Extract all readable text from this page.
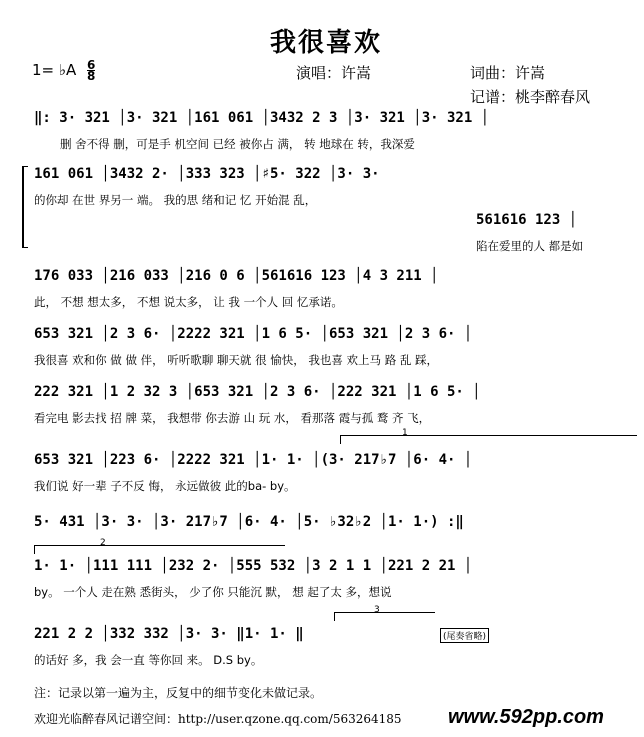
我很喜欢
1= ♭A $\frac{6}{8}$	演唱：许嵩	词曲：许嵩
记谱：桃李醉春风
‖: 3· 321 │3· 321 │161 061 │3432 2 3 │3· 321 │3· 321 │
删 舍不得 删，可是手 机空间 已经 被你占 满， 转 地球在 转，我深爱
161 061 │3432 2· │333 323 │♯5· 322 │3· 3·
的你却 在世 界另一 端。 我的思 绪和记 忆 开始混 乱，
561616 123 │
陷在爱里的人 都是如
176 033 │216 033 │216 0 6 │561616 123 │4 3 211 │
此， 不想 想太多， 不想 说太多， 让 我 一个人 回 忆承诺。
653 321 │2 3 6· │2222 321 │1 6 5· │653 321 │2 3 6· │
我很喜 欢和你 做 做 伴， 听听歌聊 聊天就 很 愉快， 我也喜 欢上马 路 乱 踩，
222 321 │1 2 32 3 │653 321 │2 3 6· │222 321 │1 6 5· │
看完电 影去找 招 牌 菜， 我想带 你去游 山 玩 水， 看那落 霞与孤 鹜 齐 飞，
1
653 321 │223 6· │2222 321 │1· 1· │(3· 217♭7 │6· 4· │
我们说 好一辈 子不反 悔， 永远做彼 此的ba- by。
5· 431 │3· 3· │3· 217♭7 │6· 4· │5· ♭32♭2 │1· 1·) :‖
2
1· 1· │111 111 │232 2· │555 532 │3 2 1 1 │221 2 21 │
by。 一个人 走在熟 悉街头， 少了你 只能沉 默， 想 起了太 多，想说
3
221 2 2 │332 332 │3· 3· ‖1· 1· ‖
的话好 多，我 会一直 等你回 来。 D.S by。
(尾奏省略)
注：记录以第一遍为主，反复中的细节变化未做记录。
欢迎光临醉春风记谱空间：http://user.qzone.qq.com/563264185 www.592pp.com
